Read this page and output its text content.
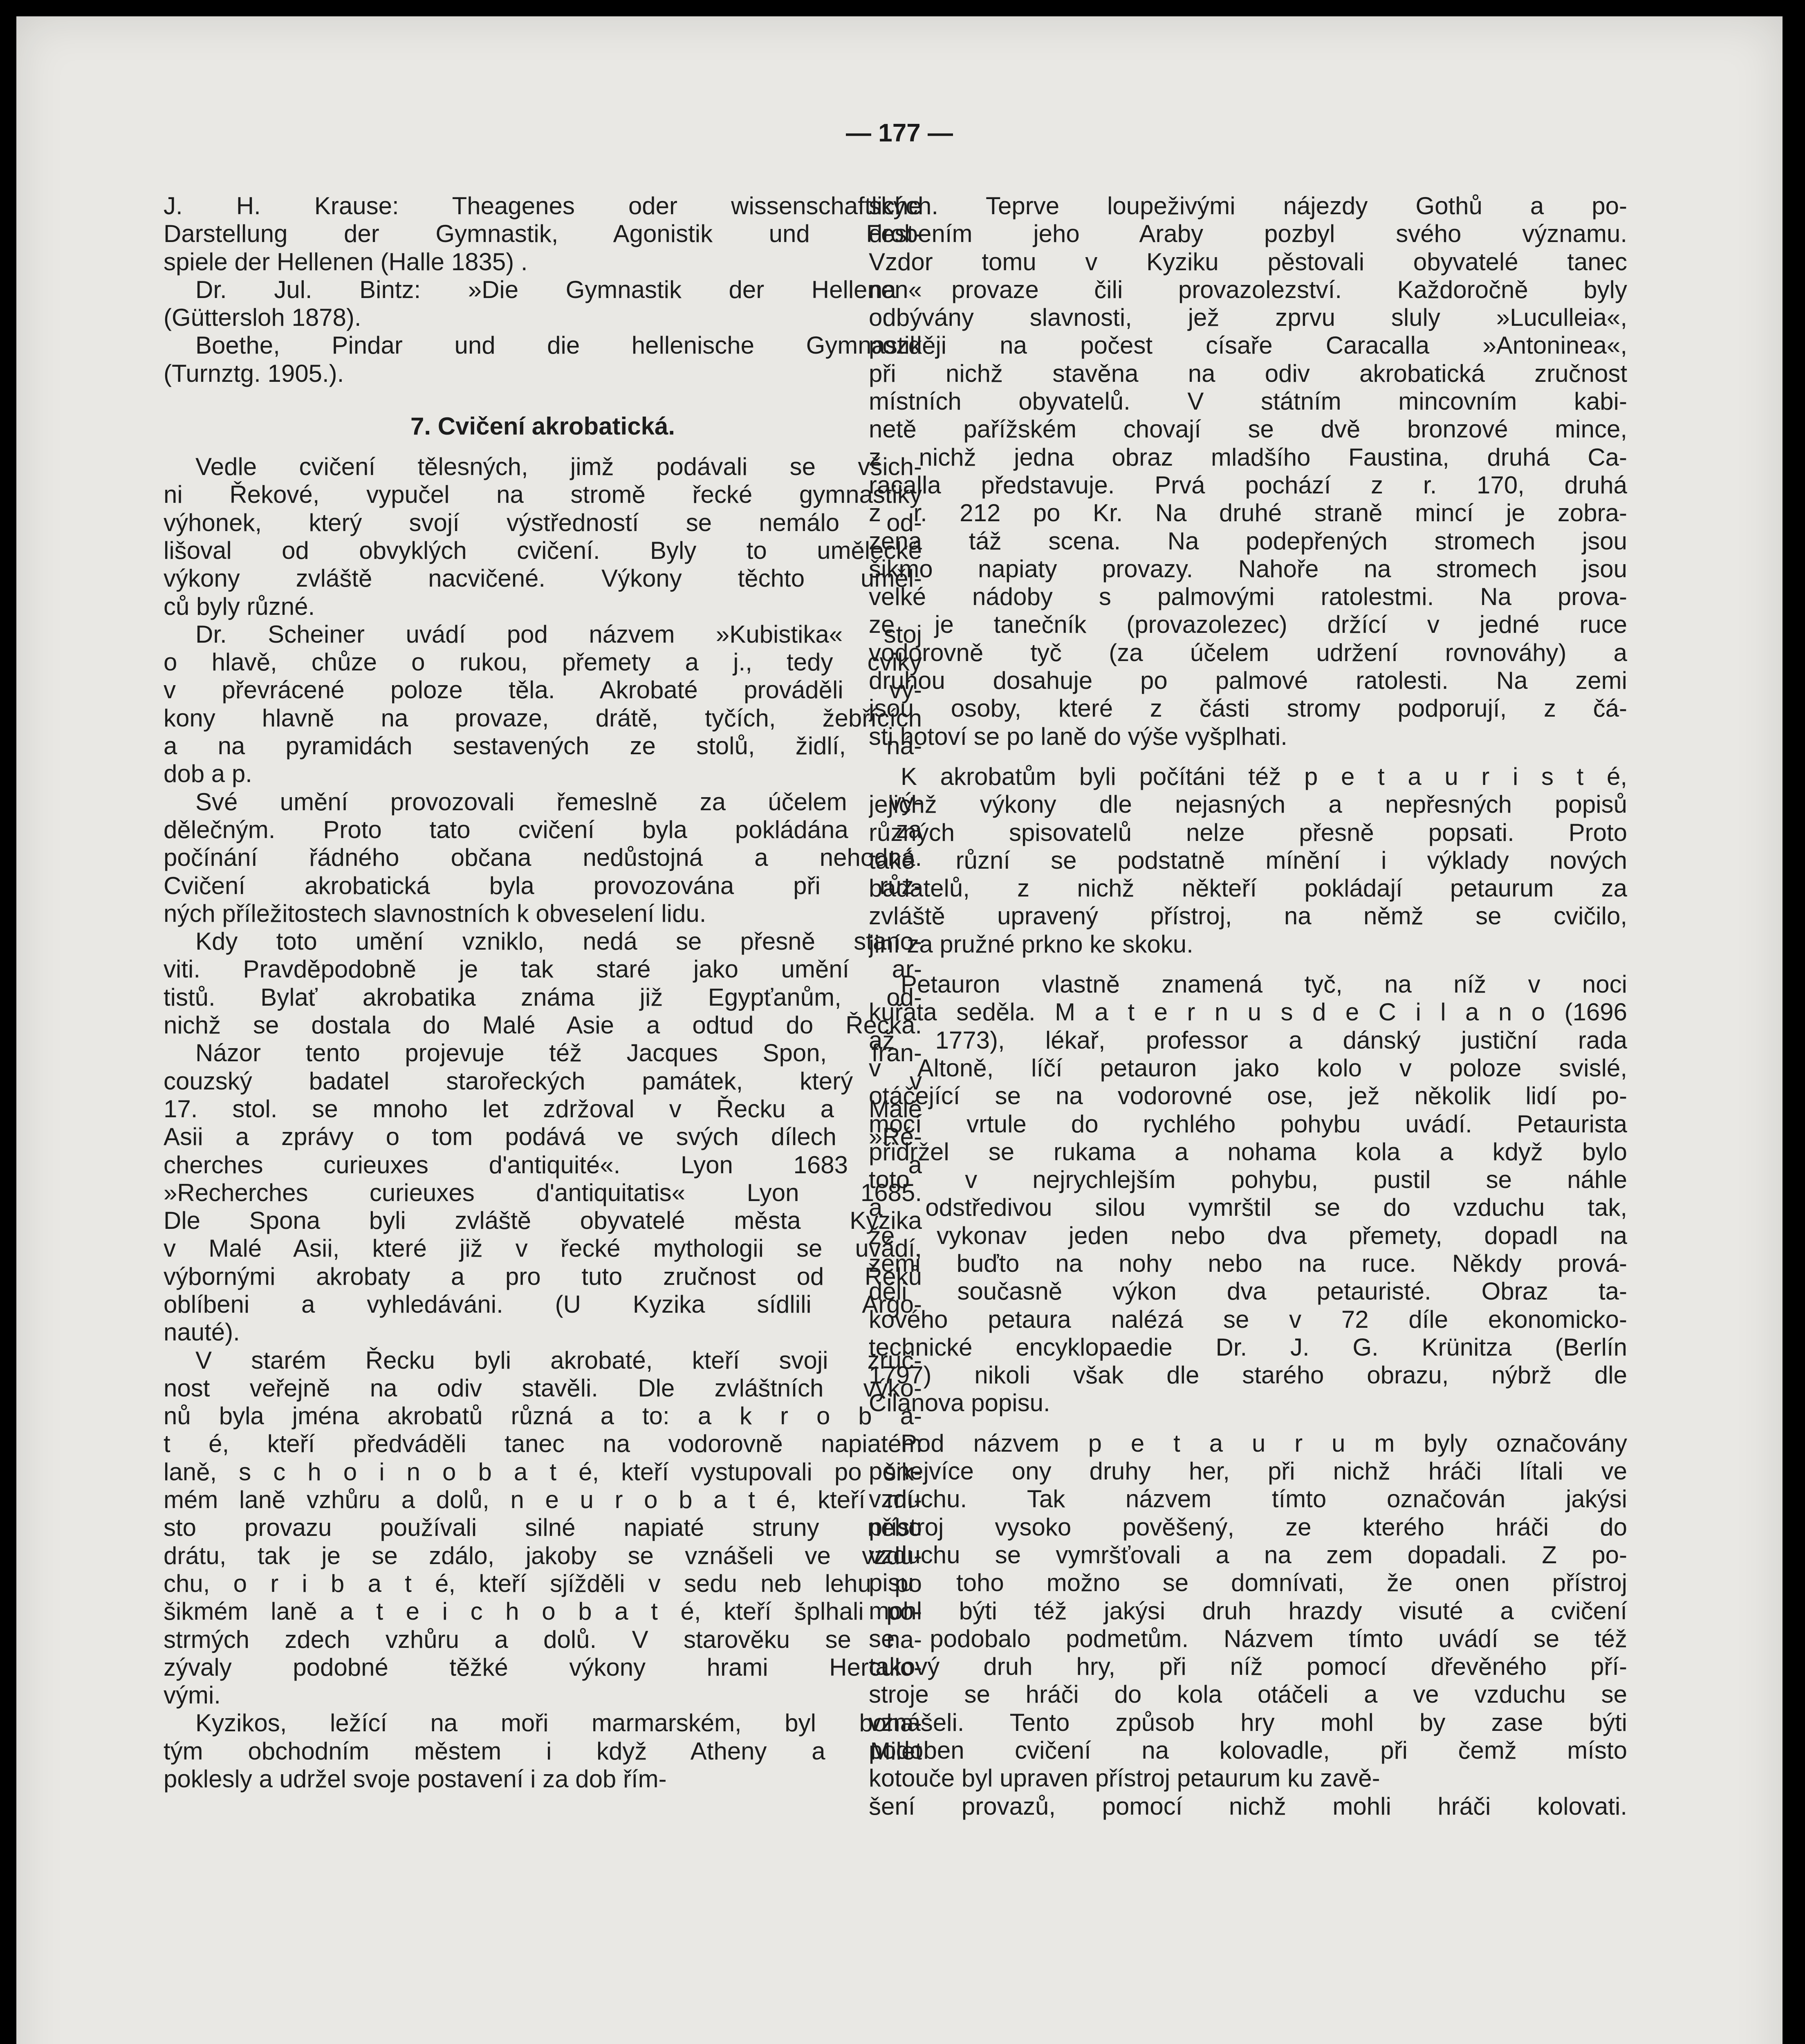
— 177 —
J. H. Krause: Theagenes oder wissenschaftliche
Darstellung der Gymnastik, Agonistik und Fest-
spiele der Hellenen (Halle 1835) .
Dr. Jul. Bintz: »Die Gymnastik der Hellenen«
(Güttersloh 1878).
Boethe, Pindar und die hellenische Gymnastik
(Turnztg. 1905.).
7. Cvičení akrobatická.
Vedle cvičení tělesných, jimž podávali se všich-
ni Řekové, vypučel na stromě řecké gymnastiky
výhonek, který svojí výstředností se nemálo od-
lišoval od obvyklých cvičení. Byly to umělecké
výkony zvláště nacvičené. Výkony těchto uměl-
ců byly různé.
Dr. Scheiner uvádí pod názvem »Kubistika« stoj
o hlavě, chůze o rukou, přemety a j., tedy cviky
v převrácené poloze těla. Akrobaté prováděli vý-
kony hlavně na provaze, drátě, tyčích, žebřících
a na pyramidách sestavených ze stolů, židlí, ná-
dob a p.
Své umění provozovali řemeslně za účelem vý-
dělečným. Proto tato cvičení byla pokládána za
počínání řádného občana nedůstojná a nehodná.
Cvičení akrobatická byla provozována při růz-
ných příležitostech slavnostních k obveselení lidu.
Kdy toto umění vzniklo, nedá se přesně stano-
viti. Pravděpodobně je tak staré jako umění ar-
tistů. Bylať akrobatika známa již Egypťanům, od-
nichž se dostala do Malé Asie a odtud do Řecka.
Názor tento projevuje též Jacques Spon, fran-
couzský badatel starořeckých památek, který v
17. stol. se mnoho let zdržoval v Řecku a Malé
Asii a zprávy o tom podává ve svých dílech »Ré-
cherches curieuxes d'antiquité«. Lyon 1683 a
»Recherches curieuxes d'antiquitatis« Lyon 1685.
Dle Spona byli zvláště obyvatelé města Kyzika
v Malé Asii, které již v řecké mythologii se uvádí,
výbornými akrobaty a pro tuto zručnost od Řeků
oblíbeni a vyhledáváni. (U Kyzika sídlili Argo-
nauté).
V starém Řecku byli akrobaté, kteří svoji zruč-
nost veřejně na odiv stavěli. Dle zvláštních výko-
nů byla jména akrobatů různá a to: a k r o b a-
t é, kteří předváděli tanec na vodorovně napiatém
laně, s c h o i n o b a t é, kteří vystupovali po šik-
mém laně vzhůru a dolů, n e u r o b a t é, kteří mí-
sto provazu používali silné napiaté struny nebo
drátu, tak je se zdálo, jakoby se vznášeli ve vzdu-
chu, o r i b a t é, kteří sjížděli v sedu neb lehu po
šikmém laně a t e i c h o b a t é, kteří šplhali po-
strmých zdech vzhůru a dolů. V starověku se na-
zývaly podobné těžké výkony hrami Herculo-
vými.
Kyzikos, ležící na moři marmarském, byl boha-
tým obchodním městem i když Atheny a Milet
poklesly a udržel svoje postavení i za dob řím-
ských. Teprve loupeživými nájezdy Gothů a po-
drobením jeho Araby pozbyl svého významu.
Vzdor tomu v Kyziku pěstovali obyvatelé tanec
na provaze čili provazolezství. Každoročně byly
odbývány slavnosti, jež zprvu sluly »Luculleia«,
později na počest císaře Caracalla »Antoninea«,
při nichž stavěna na odiv akrobatická zručnost
místních obyvatelů. V státním mincovním kabi-
netě pařížském chovají se dvě bronzové mince,
z nichž jedna obraz mladšího Faustina, druhá Ca-
racalla představuje. Prvá pochází z r. 170, druhá
z r. 212 po Kr. Na druhé straně mincí je zobra-
zena táž scena. Na podepřených stromech jsou
šikmo napiaty provazy. Nahoře na stromech jsou
velké nádoby s palmovými ratolestmi. Na prova-
ze je tanečník (provazolezec) držící v jedné ruce
vodorovně tyč (za účelem udržení rovnováhy) a
druhou dosahuje po palmové ratolesti. Na zemi
jsou osoby, které z části stromy podporují, z čá-
sti hotoví se po laně do výše vyšplhati.
K akrobatům byli počítáni též p e t a u r i s t é,
jejichž výkony dle nejasných a nepřesných popisů
různých spisovatelů nelze přesně popsati. Proto
také různí se podstatně mínění i výklady nových
badatelů, z nichž někteří pokládají petaurum za
zvláště upravený přístroj, na němž se cvičilo,
jiní za pružné prkno ke skoku.
Petauron vlastně znamená tyč, na níž v noci
kuřata seděla. M a t e r n u s d e C i l a n o (1696
až 1773), lékař, professor a dánský justiční rada
v Altoně, líčí petauron jako kolo v poloze svislé,
otáčející se na vodorovné ose, jež několik lidí po-
mocí vrtule do rychlého pohybu uvádí. Petaurista
přidržel se rukama a nohama kola a když bylo
toto v nejrychlejším pohybu, pustil se náhle
a odstředivou silou vymrštil se do vzduchu tak,
že vykonav jeden nebo dva přemety, dopadl na
zemi buďto na nohy nebo na ruce. Někdy prová-
děli současně výkon dva petauristé. Obraz ta-
kového petaura nalézá se v 72 díle ekonomicko-
technické encyklopaedie Dr. J. G. Krünitza (Berlín
1797) nikoli však dle starého obrazu, nýbrž dle
Cilanova popisu.
Pod názvem p e t a u r u m byly označovány
ponejvíce ony druhy her, při nichž hráči lítali ve
vzduchu. Tak názvem tímto označován jakýsi
přístroj vysoko pověšený, ze kterého hráči do
vzduchu se vymršťovali a na zem dopadali. Z po-
pisu toho možno se domnívati, že onen přístroj
mohl býti též jakýsi druh hrazdy visuté a cvičení
se podobalo podmetům. Názvem tímto uvádí se též
takový druh hry, při níž pomocí dřevěného pří-
stroje se hráči do kola otáčeli a ve vzduchu se
vznášeli. Tento způsob hry mohl by zase býti
podoben cvičení na kolovadle, při čemž místo
kotouče byl upraven přístroj petaurum ku zavě-
šení provazů, pomocí nichž mohli hráči kolovati.
